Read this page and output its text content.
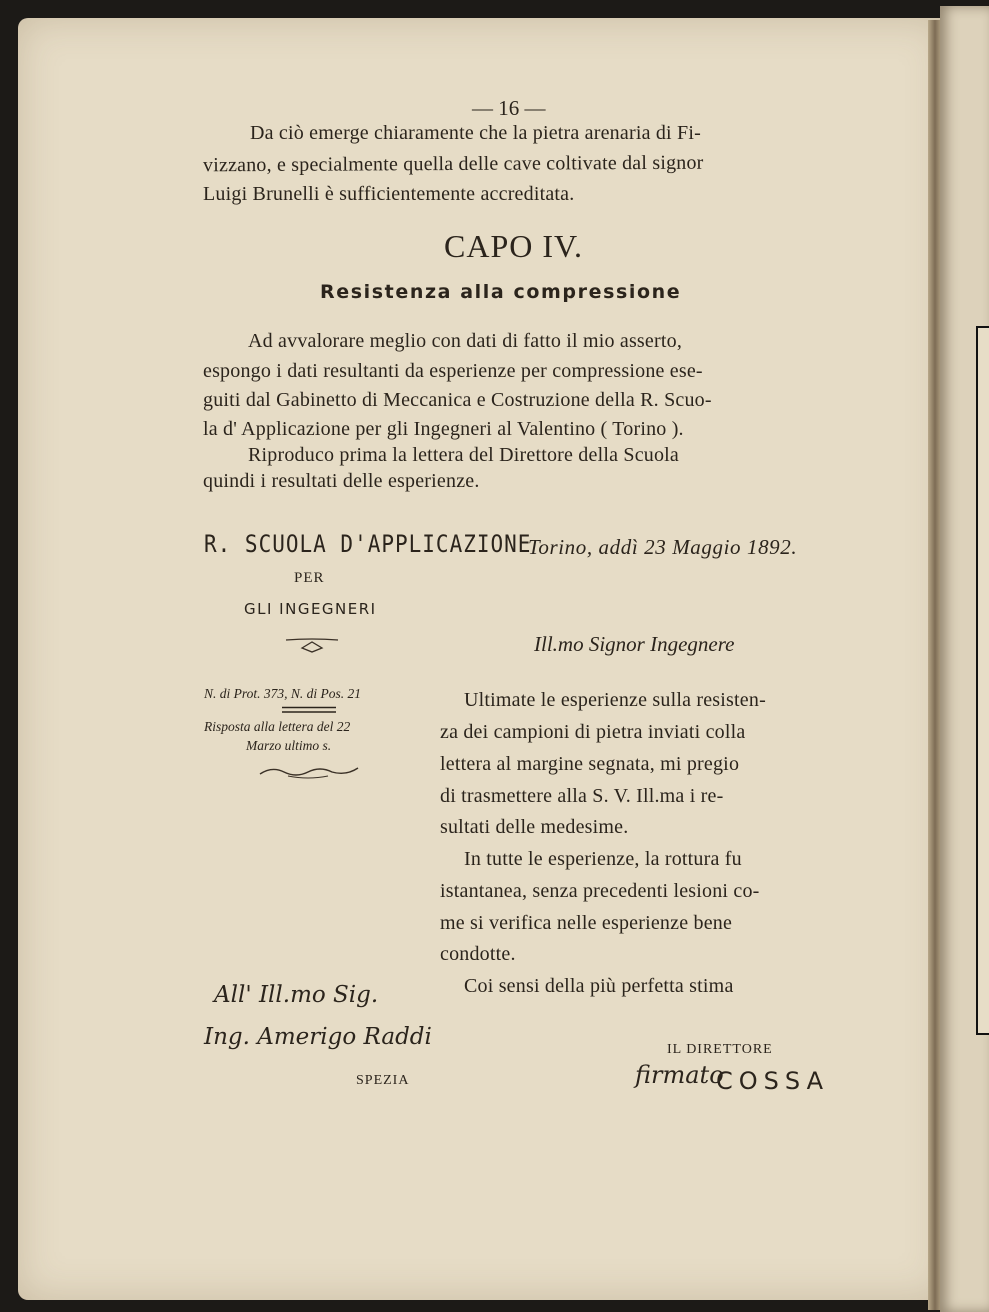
— 16 —
Da ciò emerge chiaramente che la pietra arenaria di Fi-
vizzano, e specialmente quella delle cave coltivate dal signor
Luigi Brunelli è sufficientemente accreditata.
CAPO IV.
Resistenza alla compressione
Ad avvalorare meglio con dati di fatto il mio asserto,
espongo i dati resultanti da esperienze per compressione ese-
guiti dal Gabinetto di Meccanica e Costruzione della R. Scuo-
la d' Applicazione per gli Ingegneri al Valentino ( Torino ).
Riproduco prima la lettera del Direttore della Scuola
quindi i resultati delle esperienze.
R. SCUOLA D'APPLICAZIONE
PER
GLI INGEGNERI
N. di Prot. 373, N. di Pos. 21
Risposta alla lettera del 22
Marzo ultimo s.
Torino, addì 23 Maggio 1892.
Ill.mo Signor Ingegnere
Ultimate le esperienze sulla resisten-
za dei campioni di pietra inviati colla
lettera al margine segnata, mi pregio
di trasmettere alla S. V. Ill.ma i re-
sultati delle medesime.
In tutte le esperienze, la rottura fu
istantanea, senza precedenti lesioni co-
me si verifica nelle esperienze bene
condotte.
Coi sensi della più perfetta stima
IL DIRETTORE
firmato
COSSA
All' Ill.mo Sig.
Ing. Amerigo Raddi
SPEZIA
